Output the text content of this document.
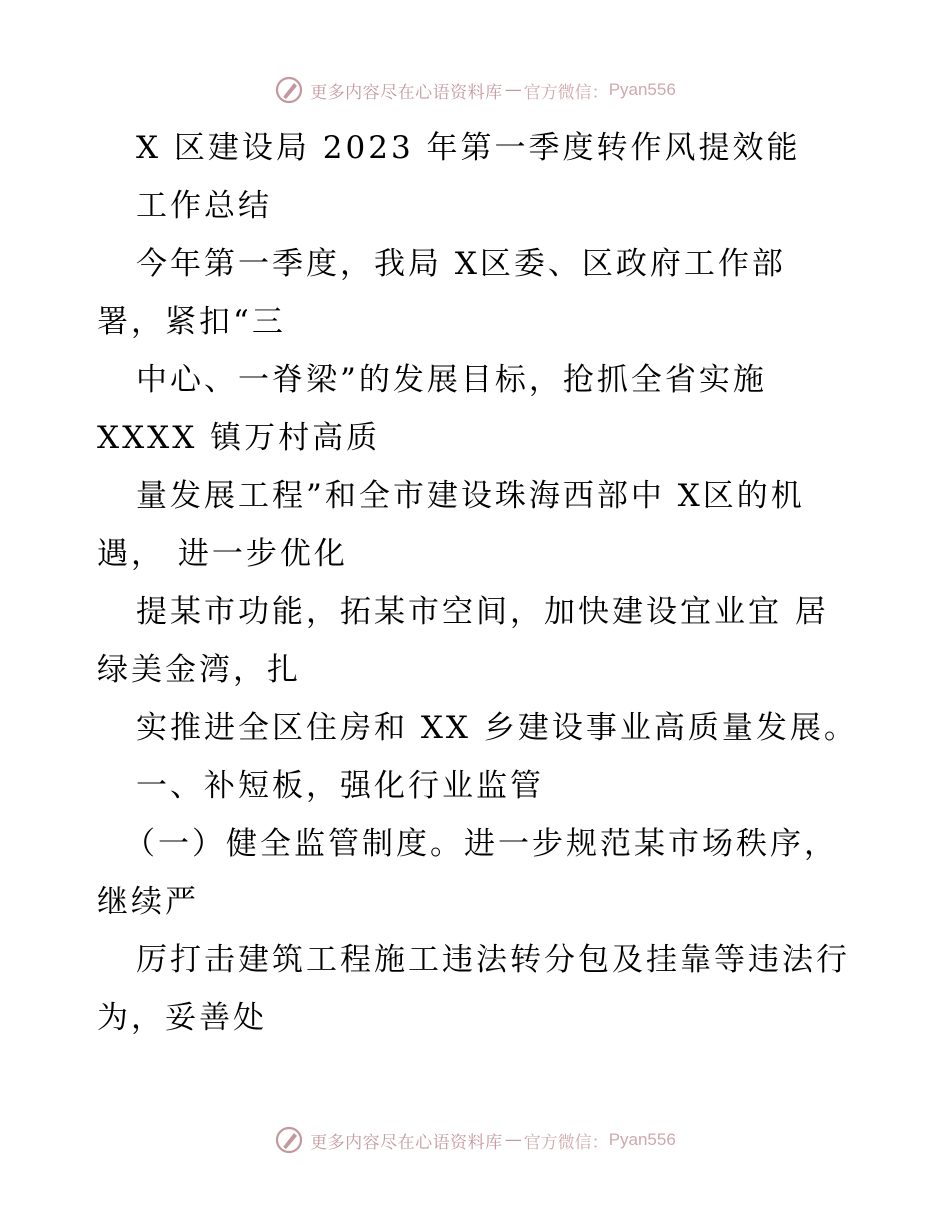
更多内容尽在心语资料库 — 官方微信： Pyan556
X 区建设局 2023 年第一季度转作风提效能
工作总结
今年第一季度，我局 X区委、区政府工作部
署，紧扣“三
中心、一脊梁”的发展目标，抢抓全省实施
XXXX 镇万村高质
量发展工程”和全市建设珠海西部中 X区的机
遇， 进一步优化
提某市功能，拓某市空间，加快建设宜业宜 居
绿美金湾，扎
实推进全区住房和 XX 乡建设事业高质量发展。
一、补短板，强化行业监管
（一）健全监管制度。进一步规范某市场秩序，
继续严
厉打击建筑工程施工违法转分包及挂靠等违法行
为，妥善处
更多内容尽在心语资料库 — 官方微信： Pyan556
